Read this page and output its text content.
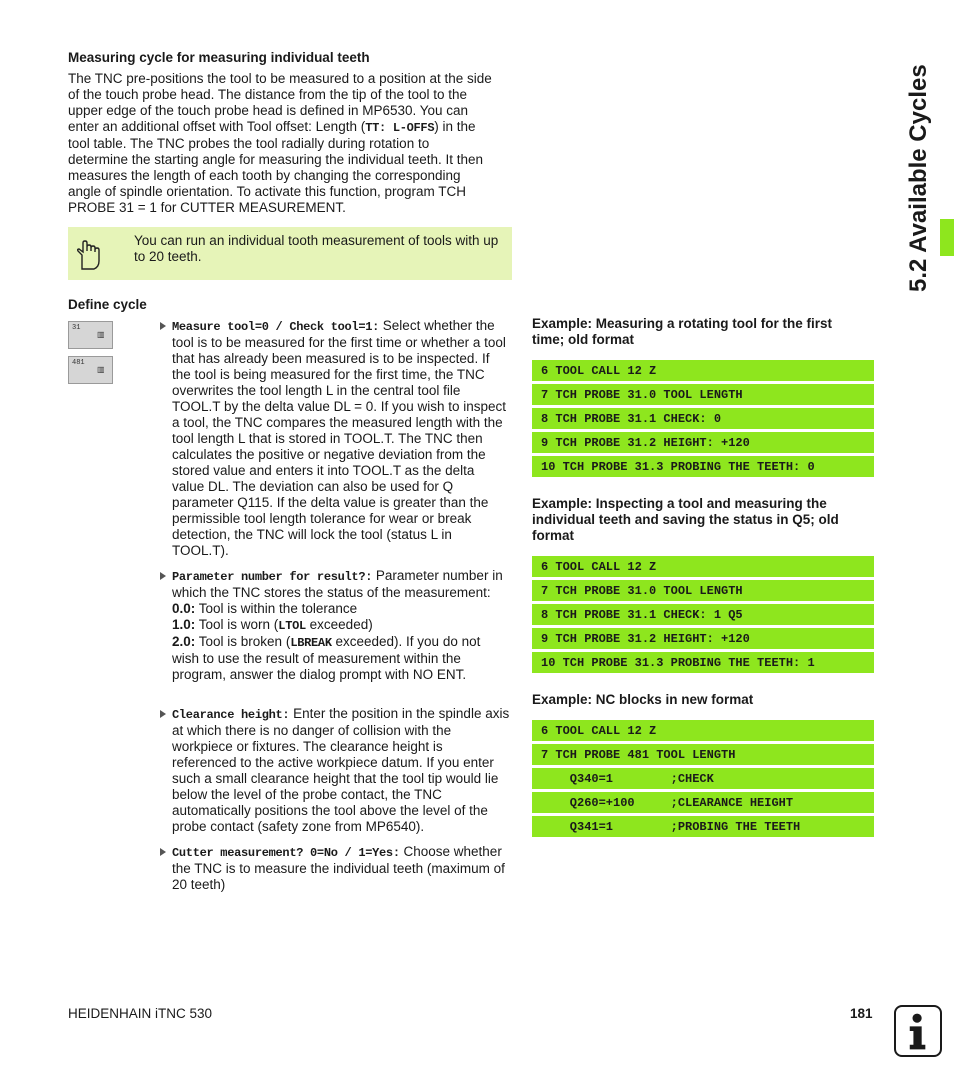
Measuring cycle for measuring individual teeth
The TNC pre-positions the tool to be measured to a position at the side
of the touch probe head. The distance from the tip of the tool to the
upper edge of the touch probe head is defined in MP6530. You can
enter an additional offset with Tool offset: Length (TT: L-OFFS) in the
tool table. The TNC probes the tool radially during rotation to
determine the starting angle for measuring the individual teeth. It then
measures the length of each tooth by changing the corresponding
angle of spindle orientation. To activate this function, program TCH
PROBE 31 = 1 for CUTTER MEASUREMENT.
You can run an individual tooth measurement of tools with up to 20 teeth.
Define cycle
31
▥
481
▥
Measure tool=0 / Check tool=1: Select whether the tool is to be measured for the first time or whether a tool that has already been measured is to be inspected. If the tool is being measured for the first time, the TNC overwrites the tool length L in the central tool file TOOL.T by the delta value DL = 0. If you wish to inspect a tool, the TNC compares the measured length with the tool length L that is stored in TOOL.T. The TNC then calculates the positive or negative deviation from the stored value and enters it into TOOL.T as the delta value DL. The deviation can also be used for Q parameter Q115. If the delta value is greater than the permissible tool length tolerance for wear or break detection, the TNC will lock the tool (status L in TOOL.T).
Parameter number for result?: Parameter number in which the TNC stores the status of the measurement:
0.0: Tool is within the tolerance
1.0: Tool is worn (LTOL exceeded)
2.0: Tool is broken (LBREAK exceeded). If you do not wish to use the result of measurement within the program, answer the dialog prompt with NO ENT.
Clearance height: Enter the position in the spindle axis at which there is no danger of collision with the workpiece or fixtures. The clearance height is referenced to the active workpiece datum. If you enter such a small clearance height that the tool tip would lie below the level of the probe contact, the TNC automatically positions the tool above the level of the probe contact (safety zone from MP6540).
Cutter measurement? 0=No / 1=Yes: Choose whether the TNC is to measure the individual teeth (maximum of 20 teeth)
Example: Measuring a rotating tool for the first time; old format
6 TOOL CALL 12 Z
7 TCH PROBE 31.0 TOOL LENGTH
8 TCH PROBE 31.1 CHECK: 0
9 TCH PROBE 31.2 HEIGHT: +120
10 TCH PROBE 31.3 PROBING THE TEETH: 0
Example: Inspecting a tool and measuring the individual teeth and saving the status in Q5; old format
6 TOOL CALL 12 Z
7 TCH PROBE 31.0 TOOL LENGTH
8 TCH PROBE 31.1 CHECK: 1 Q5
9 TCH PROBE 31.2 HEIGHT: +120
10 TCH PROBE 31.3 PROBING THE TEETH: 1
Example: NC blocks in new format
6 TOOL CALL 12 Z
7 TCH PROBE 481 TOOL LENGTH
Q340=1        ;CHECK
Q260=+100     ;CLEARANCE HEIGHT
Q341=1        ;PROBING THE TEETH
5.2 Available Cycles
HEIDENHAIN iTNC 530	181
